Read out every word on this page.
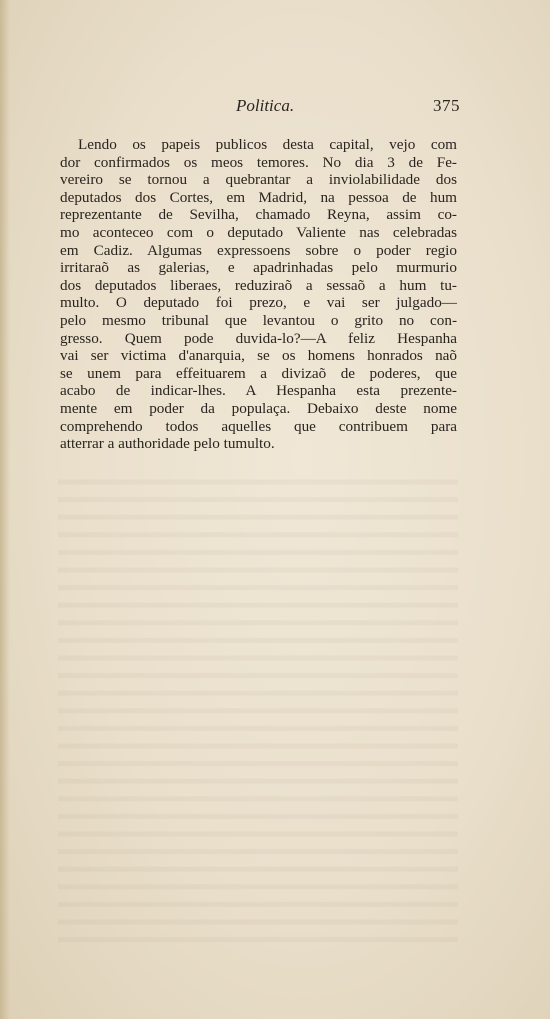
Politica.	375
Lendo os papeis publicos desta capital, vejo com
dor confirmados os meos temores. No dia 3 de Fe-
vereiro se tornou a quebrantar a inviolabilidade dos
deputados dos Cortes, em Madrid, na pessoa de hum
reprezentante de Sevilha, chamado Reyna, assim co-
mo aconteceo com o deputado Valiente nas celebradas
em Cadiz. Algumas expressoens sobre o poder regio
irritaraõ as galerias, e apadrinhadas pelo murmurio
dos deputados liberaes, reduziraõ a sessaõ a hum tu-
multo. O deputado foi prezo, e vai ser julgado—
pelo mesmo tribunal que levantou o grito no con-
gresso. Quem pode duvida-lo?—A feliz Hespanha
vai ser victima d'anarquia, se os homens honrados naõ
se unem para effeituarem a divizaõ de poderes, que
acabo de indicar-lhes. A Hespanha esta prezente-
mente em poder da populaça. Debaixo deste nome
comprehendo todos aquelles que contribuem para
atterrar a authoridade pelo tumulto.
